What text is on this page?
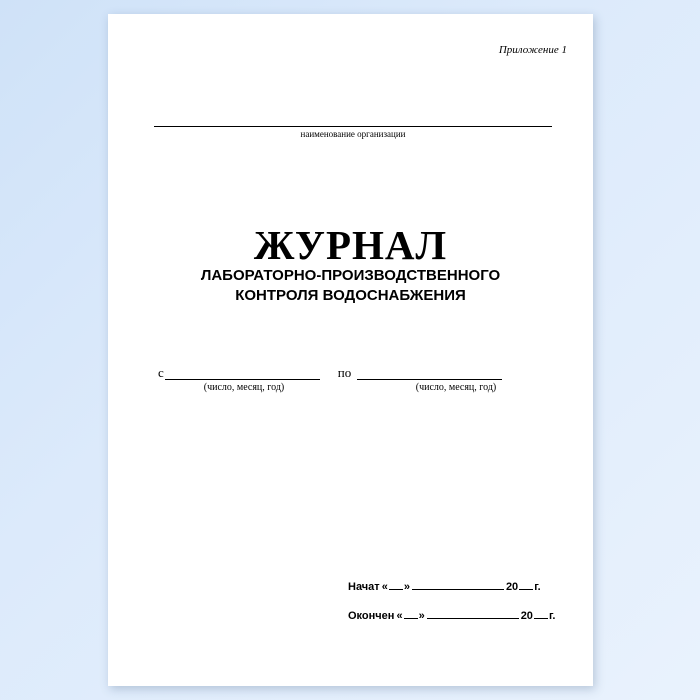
Приложение 1
наименование организации
ЖУРНАЛ
ЛАБОРАТОРНО-ПРОИЗВОДСТВЕННОГО
КОНТРОЛЯ ВОДОСНАБЖЕНИЯ
с	по
(число, месяц, год)	(число, месяц, год)
Начат « »	20 г.
Окончен « »	20 г.
